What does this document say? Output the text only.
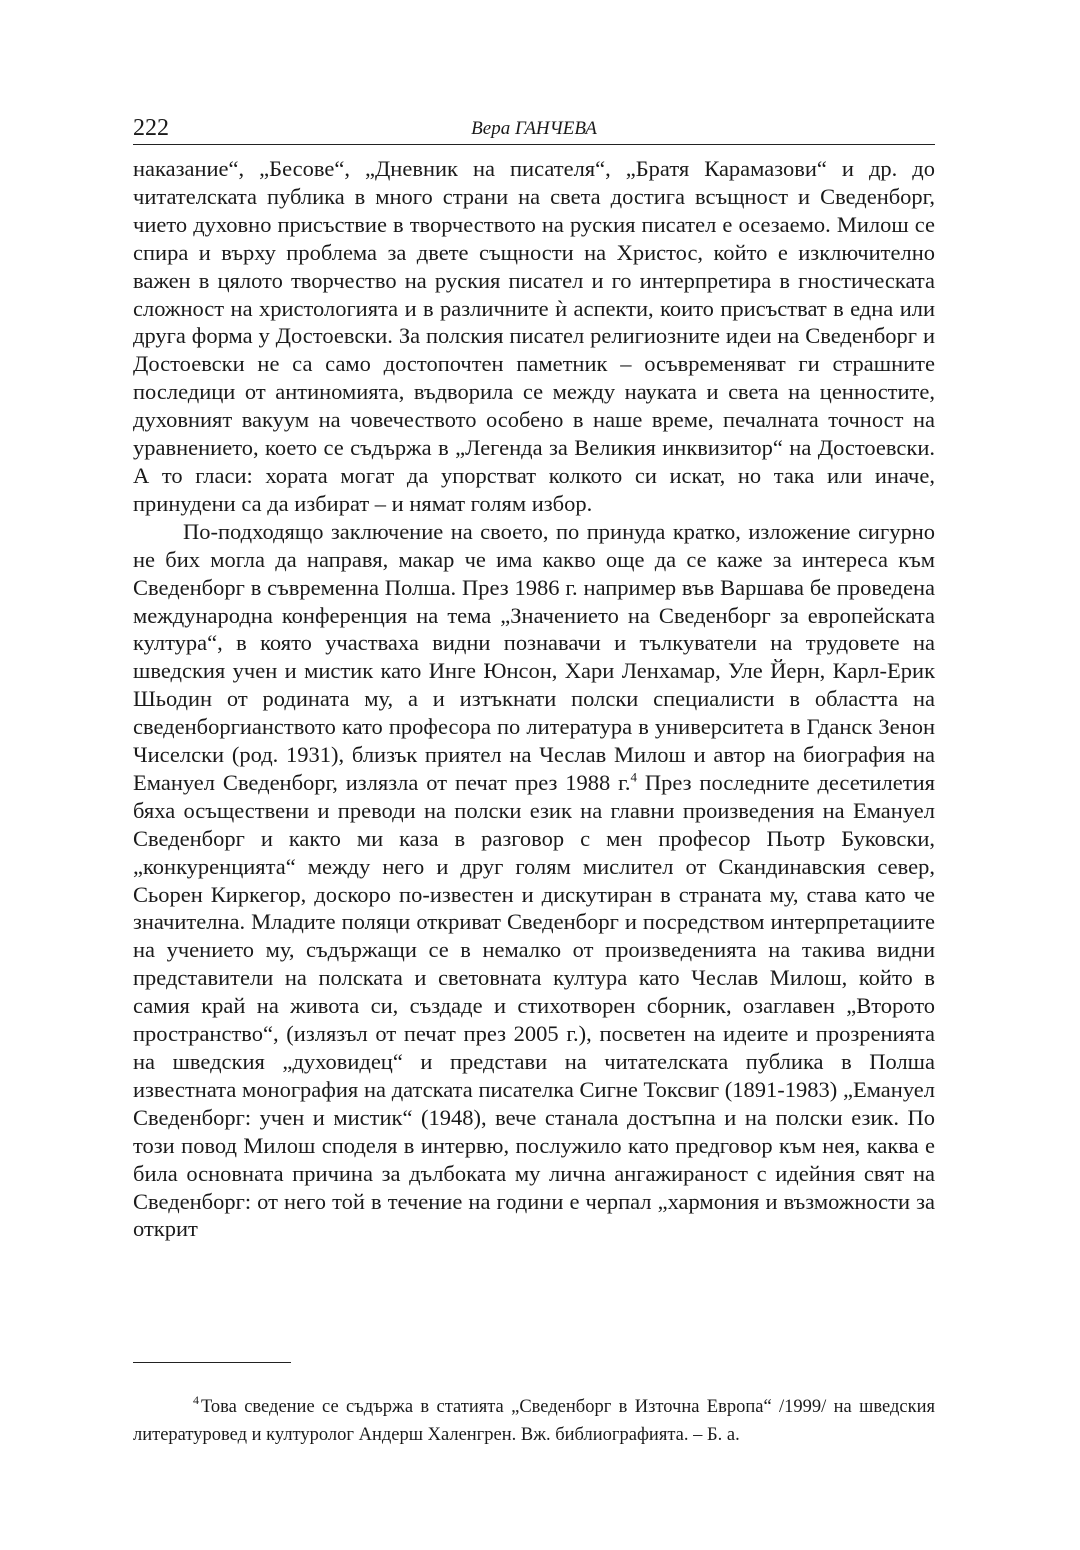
222	Вера ГАНЧЕВА

наказание“, „Бесове“, „Дневник на писателя“, „Братя Карамазови“ и др. до читателската публика в много страни на света достига всъщност и Сведенборг, чието духовно присъствие в творчеството на руския писател е осезаемо. Милош се спира и върху проблема за двете същности на Христос, който е изключително важен в цялото творчество на руския писател и го интерпретира в гностическата сложност на христологията и в различните ѝ аспекти, които присъстват в една или друга форма у Достоевски. За полския писател религиозните идеи на Сведенборг и Достоевски не са само достопочтен паметник – осъвременяват ги страшните последици от антиномията, въдворила се между науката и света на ценностите, духовният вакуум на човечеството особено в наше време, печалната точност на уравнението, което се съдържа в „Легенда за Великия инквизитор“ на Достоевски. А то гласи: хората могат да упорстват колкото си искат, но така или иначе, принудени са да избират – и нямат голям избор.

По-подходящо заключение на своето, по принуда кратко, изложение сигурно не бих могла да направя, макар че има какво още да се каже за интереса към Сведенборг в съвременна Полша. През 1986 г. например във Варшава бе проведена международна конференция на тема „Значението на Сведенборг за европейската култура“, в която участваха видни познавачи и тълкуватели на трудовете на шведския учен и мистик като Инге Юнсон, Хари Ленхамар, Уле Йерн, Карл-Ерик Шьодин от родината му, а и изтъкнати полски специалисти в областта на сведенборгианството като професора по литература в университета в Гданск Зенон Чиселски (род. 1931), близък приятел на Чеслав Милош и автор на биография на Емануел Сведенборг, излязла от печат през 1988 г.$^4$ През последните десетилетия бяха осъществени и преводи на полски език на главни произведения на Емануел Сведенборг и както ми каза в разговор с мен професор Пьотр Буковски, „конкуренцията“ между него и друг голям мислител от Скандинавския север, Сьорен Киркегор, доскоро по-известен и дискутиран в страната му, става като че значителна. Младите поляци откриват Сведенборг и посредством интерпретациите на учението му, съдържащи се в немалко от произведенията на такива видни представители на полската и световната култура като Чеслав Милош, който в самия край на живота си, създаде и стихотворен сборник, озаглавен „Второто пространство“, (излязъл от печат през 2005 г.), посветен на идеите и прозренията на шведския „духовидец“ и представи на читателската публика в Полша известната монография на датската писателка Сигне Токсвиг (1891-1983) „Емануел Сведенборг: учен и мистик“ (1948), вече станала достъпна и на полски език. По този повод Милош споделя в интервю, послужило като предговор към нея, каква е била основната причина за дълбоката му лична ангажираност с идейния свят на Сведенборг: от него той в течение на години е черпал „хармония и възможности за открит

$^4$ Това сведение се съдържа в статията „Сведенборг в Източна Европа“ /1999/ на шведския литературовед и културолог Андерш Халенгрен. Вж. библиографията. – Б. а.
